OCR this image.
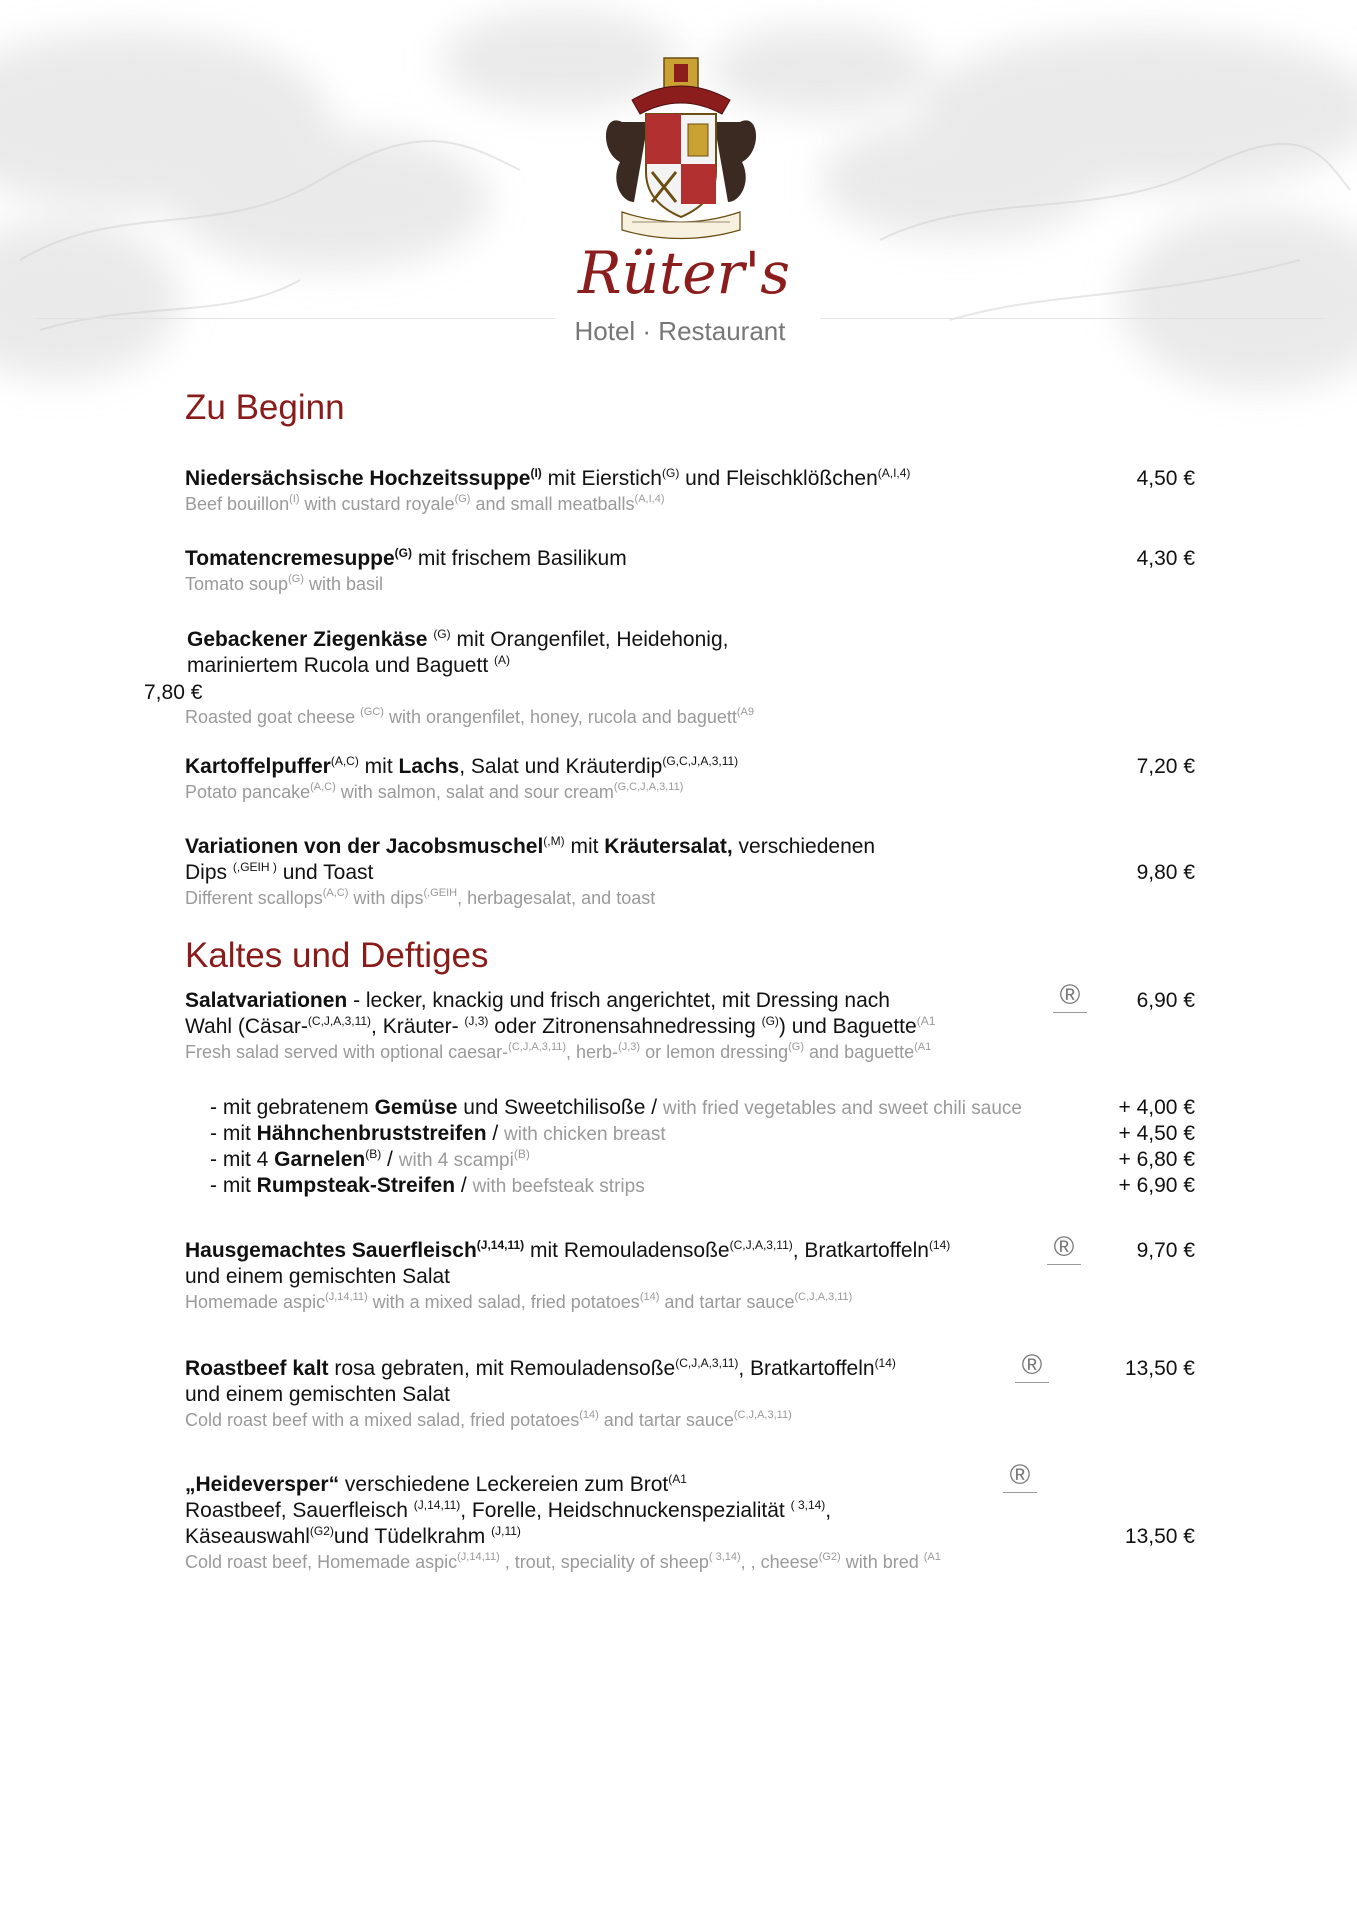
Rüter's
Hotel · Restaurant
Zu Beginn
Niedersächsische Hochzeitssuppe$^{(I)}$ mit Eierstich$^{(G)}$ und Fleischklößchen$^{(A,I,4)}$
Beef bouillon$^{(I)}$ with custard royale$^{(G)}$ and small meatballs$^{(A,I,4)}$
4,50 €
Tomatencremesuppe$^{(G)}$ mit frischem Basilikum
Tomato soup$^{(G)}$ with basil
4,30 €
Gebackener Ziegenkäse $^{(G)}$ mit Orangenfilet, Heidehonig,
mariniertem Rucola und Baguett $^{(A)}$
Roasted goat cheese $^{(GC)}$ with orangenfilet, honey, rucola and baguett$^{(A9}$
7,80 €
Kartoffelpuffer$^{(A,C)}$ mit Lachs, Salat und Kräuterdip$^{(G,C,J,A,3,11)}$
Potato pancake$^{(A,C)}$ with salmon, salat and sour cream$^{(G,C,J,A,3,11)}$
7,20 €
Variationen von der Jacobsmuschel$^{(,M)}$ mit Kräutersalat, verschiedenen
Dips $^{(,GEIH )}$ und Toast
Different scallops$^{(A,C)}$ with dips$^{(,GEIH}$, herbagesalat, and toast
9,80 €
Kaltes und Deftiges
Salatvariationen - lecker, knackig und frisch angerichtet, mit Dressing nach
Wahl (Cäsar-$^{(C,J,A,3,11)}$, Kräuter- $^{(J,3)}$ oder Zitronensahnedressing $^{(G)}$) und Baguette$^{(A1}$
Fresh salad served with optional caesar-$^{(C,J,A,3,11)}$, herb-$^{(J,3)}$ or lemon dressing$^{(G)}$ and baguette$^{(A1}$
®	6,90 €
- mit gebratenem Gemüse und Sweetchilisoße / with fried vegetables and sweet chili sauce	+ 4,00 €
- mit Hähnchenbruststreifen / with chicken breast	+ 4,50 €
- mit 4 Garnelen$^{(B)}$ / with 4 scampi$^{(B)}$	+ 6,80 €
- mit Rumpsteak-Streifen / with beefsteak strips	+ 6,90 €
Hausgemachtes Sauerfleisch$^{(J,14,11)}$ mit Remouladensoße$^{(C,J,A,3,11)}$, Bratkartoffeln$^{(14)}$
und einem gemischten Salat
Homemade aspic$^{(J,14,11)}$ with a mixed salad, fried potatoes$^{(14)}$ and tartar sauce$^{(C,J,A,3,11)}$
®	9,70 €
Roastbeef kalt rosa gebraten, mit Remouladensoße$^{(C,J,A,3,11)}$, Bratkartoffeln$^{(14)}$
und einem gemischten Salat
Cold roast beef with a mixed salad, fried potatoes$^{(14)}$ and tartar sauce$^{(C,J,A,3,11)}$
®	13,50 €
„Heideversper“ verschiedene Leckereien zum Brot$^{(A1}$
Roastbeef, Sauerfleisch $^{(J,14,11)}$, Forelle, Heidschnuckenspezialität $^{( 3,14)}$,
Käseauswahl$^{(G2)}$und Tüdelkrahm $^{(J,11)}$
Cold roast beef, Homemade aspic$^{(J,14,11)}$ , trout, speciality of sheep$^{( 3,14)}$, , cheese$^{(G2)}$ with bred $^{(A1}$
®
13,50 €
